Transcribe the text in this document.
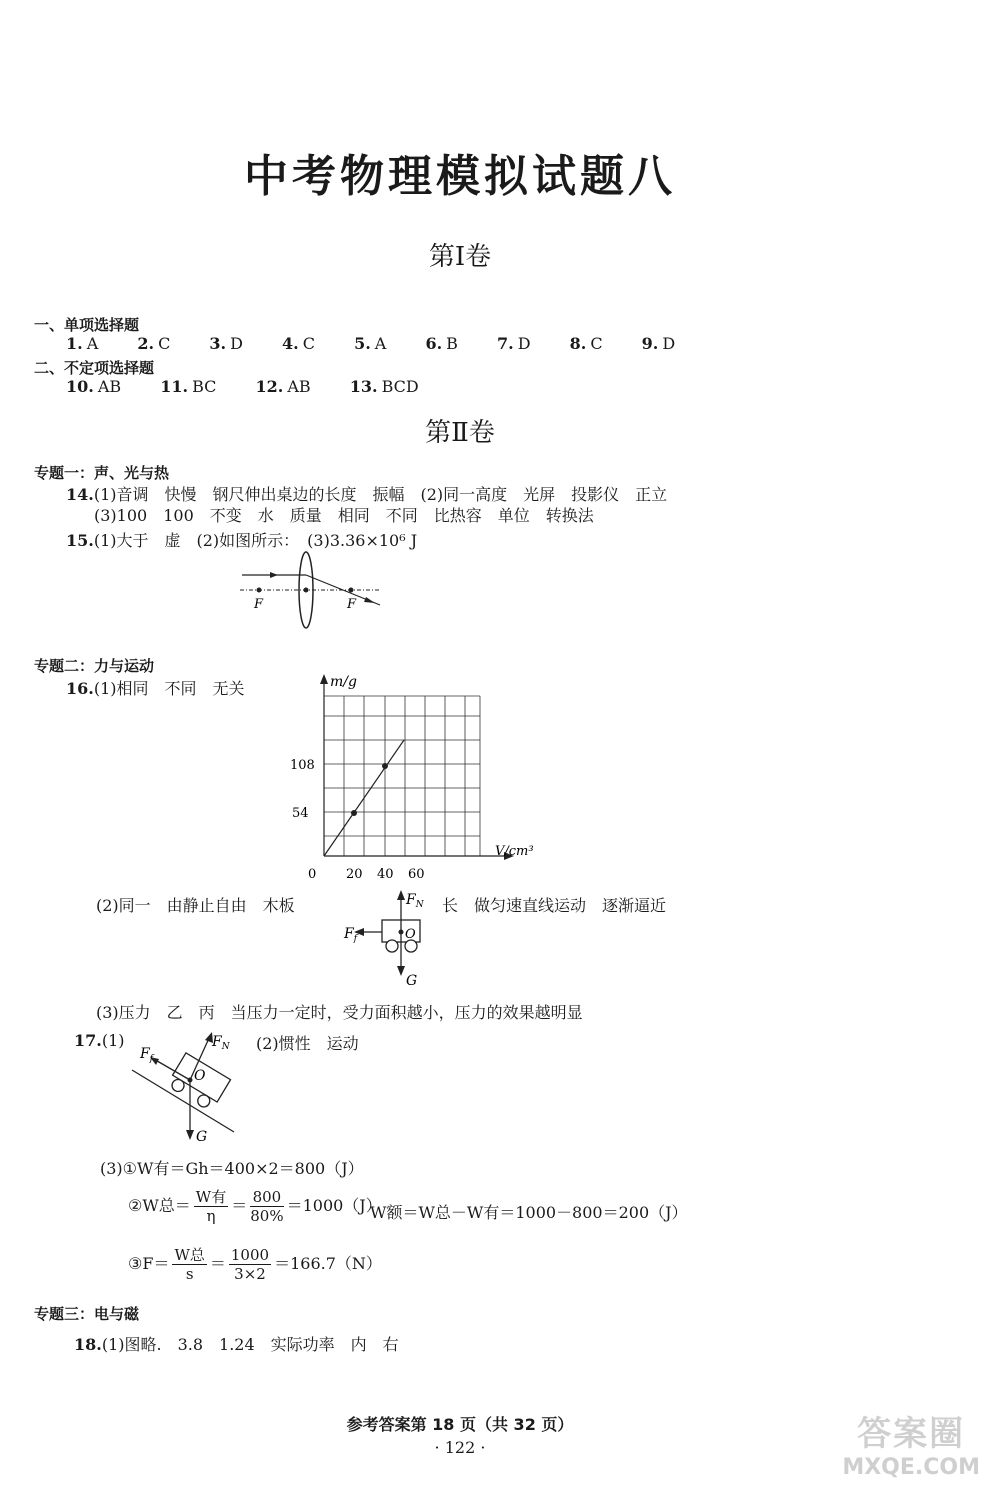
中考物理模拟试题八
第Ⅰ卷
一、单项选择题
1. A 2. C 3. D 4. C 5. A 6. B 7. D 8. C 9. D
二、不定项选择题
10. AB 11. BC 12. AB 13. BCD
第Ⅱ卷
专题一：声、光与热
14.(1)音调　快慢　钢尺伸出桌边的长度　振幅　(2)同一高度　光屏　投影仪　正立
(3)100　100　不变　水　质量　相同　不同　比热容　单位　转换法
15.(1)大于　虚　(2)如图所示：　(3)3.36×10⁶ J
F	F
专题二：力与运动
16.(1)相同　不同　无关	m/g
V/cm³
54
108
0 20 40 60
(2)同一　由静止自由　木板	长　做匀速直线运动　逐渐逼近
$F_N$
$F_f$	O
G
(3)压力　乙　丙　当压力一定时，受力面积越小，压力的效果越明显
17.(1)	(2)惯性　运动
$F_N$
$F_f$
O
G
(3)①W有＝Gh＝400×2＝800（J）
②W总＝ $\frac{\text{W有}}{\eta} = \frac{800}{80\%} =1000(J)$
W额＝W总－W有＝1000－800＝200（J）
③F＝ $\frac{\text{W总}}{s} = \frac{1000}{3\times 2} =166.7(N)$
专题三：电与磁
18.(1)图略.　3.8　1.24　实际功率　内　右
参考答案第 18 页（共 32 页）
· 122 ·	答案圈
MXQE.COM
